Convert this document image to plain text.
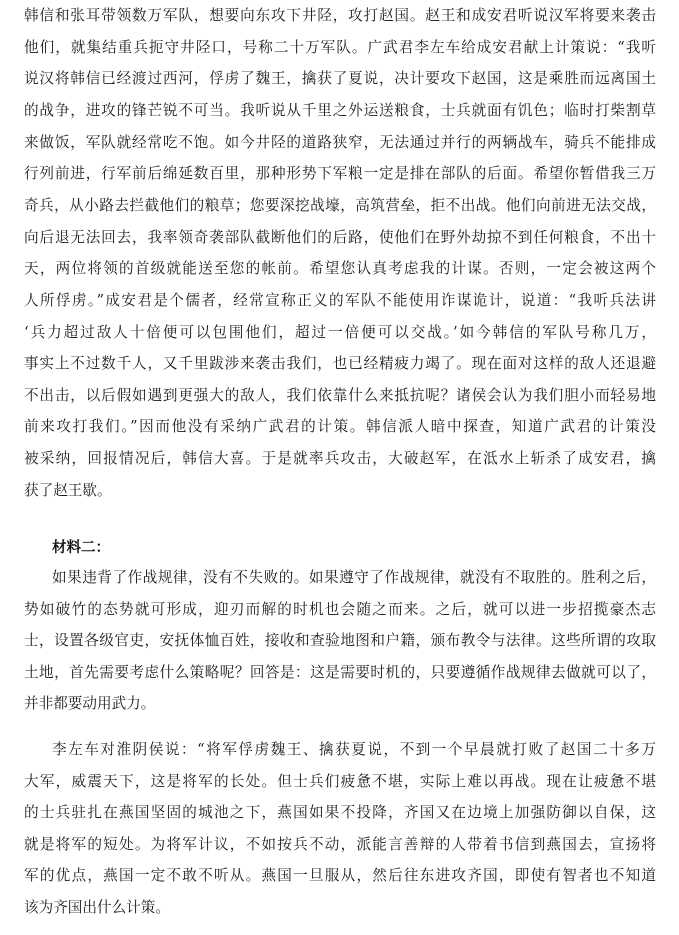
韩信和张耳带领数万军队，想要向东攻下井陉，攻打赵国。赵王和成安君听说汉军将要来袭击
他们，就集结重兵扼守井陉口，号称二十万军队。广武君李左车给成安君献上计策说：“我听
说汉将韩信已经渡过西河，俘虏了魏王，擒获了夏说，决计要攻下赵国，这是乘胜而远离国土
的战争，进攻的锋芒锐不可当。我听说从千里之外运送粮食，士兵就面有饥色；临时打柴割草
来做饭，军队就经常吃不饱。如今井陉的道路狭窄，无法通过并行的两辆战车，骑兵不能排成
行列前进，行军前后绵延数百里，那种形势下军粮一定是排在部队的后面。希望你暂借我三万
奇兵，从小路去拦截他们的粮草；您要深挖战壕，高筑营垒，拒不出战。他们向前进无法交战，
向后退无法回去，我率领奇袭部队截断他们的后路，使他们在野外劫掠不到任何粮食，不出十
天，两位将领的首级就能送至您的帐前。希望您认真考虑我的计谋。否则，一定会被这两个
人所俘虏。”成安君是个儒者，经常宣称正义的军队不能使用诈谋诡计，说道：“我听兵法讲
‘兵力超过敌人十倍便可以包围他们，超过一倍便可以交战。’如今韩信的军队号称几万，
事实上不过数千人，又千里跋涉来袭击我们，也已经精疲力竭了。现在面对这样的敌人还退避
不出击，以后假如遇到更强大的敌人，我们依靠什么来抵抗呢？诸侯会认为我们胆小而轻易地
前来攻打我们。”因而他没有采纳广武君的计策。韩信派人暗中探查，知道广武君的计策没
被采纳，回报情况后，韩信大喜。于是就率兵攻击，大破赵军，在泜水上斩杀了成安君，擒
获了赵王歇。
材料二：
如果违背了作战规律，没有不失败的。如果遵守了作战规律，就没有不取胜的。胜利之后，
势如破竹的态势就可形成，迎刃而解的时机也会随之而来。之后，就可以进一步招揽豪杰志
士，设置各级官吏，安抚体恤百姓，接收和查验地图和户籍，颁布教令与法律。这些所谓的攻取
土地，首先需要考虑什么策略呢？回答是：这是需要时机的，只要遵循作战规律去做就可以了，
并非都要动用武力。
李左车对淮阴侯说：“将军俘虏魏王、擒获夏说，不到一个早晨就打败了赵国二十多万
大军，威震天下，这是将军的长处。但士兵们疲惫不堪，实际上难以再战。现在让疲惫不堪
的士兵驻扎在燕国坚固的城池之下，燕国如果不投降，齐国又在边境上加强防御以自保，这
就是将军的短处。为将军计议，不如按兵不动，派能言善辩的人带着书信到燕国去，宣扬将
军的优点，燕国一定不敢不听从。燕国一旦服从，然后往东进攻齐国，即使有智者也不知道
该为齐国出什么计策。
